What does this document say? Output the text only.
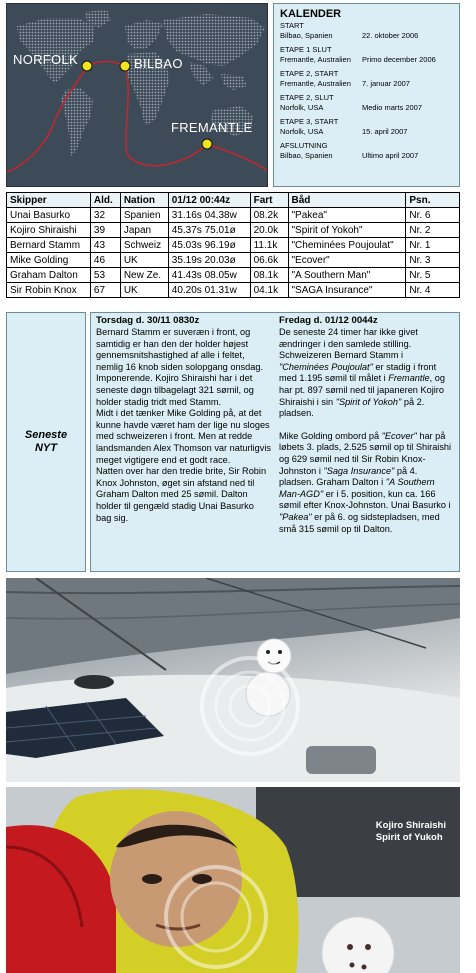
NORFOLK	BILBAO
FREMANTLE
KALENDER
START
Bilbao, Spanien	22. oktober 2006
ETAPE 1 SLUT
Fremantle, Australien	Primo december 2006
ETAPE 2, START
Fremantle, Australien	7. januar 2007
ETAPE 2, SLUT
Norfolk, USA	Medio marts 2007
ETAPE 3, START
Norfolk, USA	15. april 2007
AFSLUTNING
Bilbao, Spanien	Ultimo april 2007
Skipper	Ald.	Nation	01/12 00:44z	Fart	Båd	Psn.
Unai Basurko	32	Spanien	31.16s 04.38w	08.2k	"Pakea"	Nr. 6
Kojiro Shiraishi	39	Japan	45.37s 75.01ø	20.0k	"Spirit of Yokoh"	Nr. 2
Bernard Stamm	43	Schweiz	45.03s 96.19ø	11.1k	"Cheminées Poujoulat"	Nr. 1
Mike Golding	46	UK	35.19s 20.03ø	06.6k	"Ecover"	Nr. 3
Graham Dalton	53	New Ze.	41.43s 08.05w	08.1k	"A Southern Man"	Nr. 5
Sir Robin Knox	67	UK	40.20s 01.31w	04.1k	"SAGA Insurance"	Nr. 4
Seneste
NYT
Torsdag d. 30/11 0830z

Bernard Stamm er suveræn i front, og samtidig er han den der holder højest gennemsnitshastighed af alle i feltet, nemlig 16 knob siden solopgang onsdag. Imponerende. Kojiro Shiraishi har i det seneste døgn tilbagelagt 321 sømil, og holder stadig tridt med Stamm.

Midt i det tænker Mike Golding på, at det kunne havde været ham der lige nu sloges med schweizeren i front. Men at redde landsmanden Alex Thomson var naturligvis meget vigtigere end et godt race.

Natten over har den tredie brite, Sir Robin Knox Johnston, øget sin afstand ned til Graham Dalton med 25 sømil. Dalton holder til gengæld stadig Unai Basurko bag sig.

Fredag d. 01/12 0044z

De seneste 24 timer har ikke givet ændringer i den samlede stilling. Schweizeren Bernard Stamm i "Cheminées Poujoulat" er stadig i front med 1.195 sømil til målet i Fremantle, og har pt. 897 sømil ned til japaneren Kojiro Shiraishi i sin "Spirit of Yokoh" på 2. pladsen.

Mike Golding ombord på "Ecover" har på løbets 3. plads, 2.525 sømil op til Shiraishi og 629 sømil ned til Sir Robin Knox-Johnston i "Saga Insurance" på 4. pladsen. Graham Dalton i "A Southern Man-AGD" er i 5. position, kun ca. 166 sømil efter Knox-Johnston. Unai Basurko i "Pakea" er på 6. og sidstepladsen, med små 315 sømil op til Dalton.

Kojiro Shiraishi
Spirit of Yukoh
